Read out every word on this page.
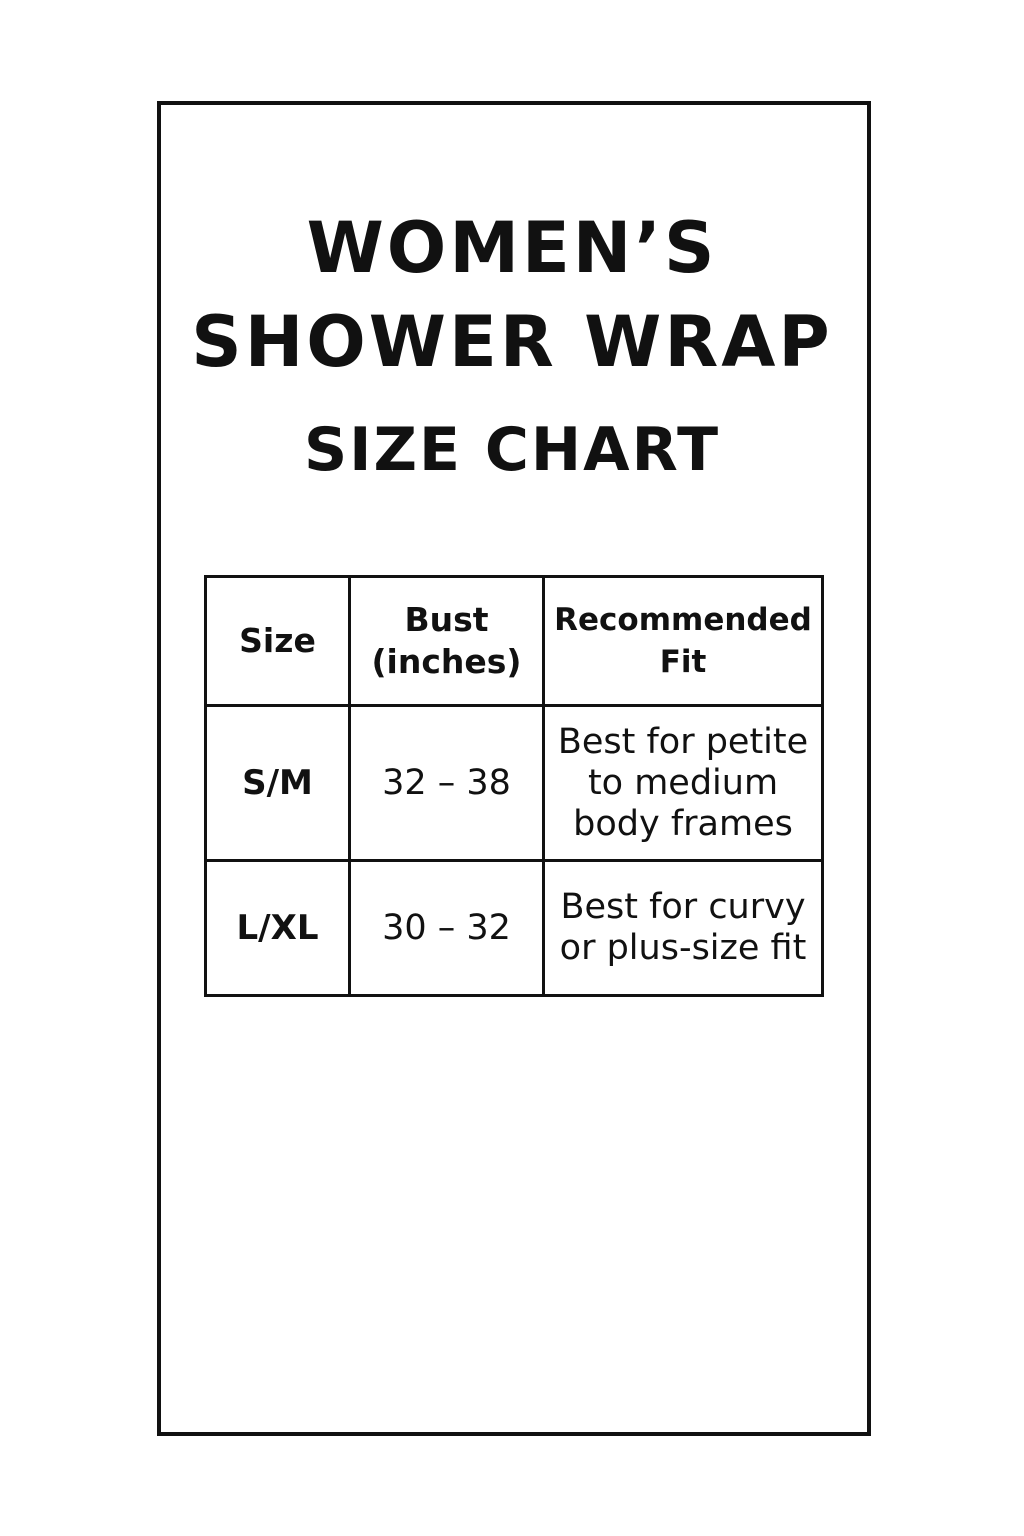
WOMEN’S
SHOWER WRAP
SIZE CHART
Size	Bust (inches)	Recommended Fit
S/M	32 – 38	Best for petite to medium body frames
L/XL	30 – 32	Best for curvy or plus-size fit
